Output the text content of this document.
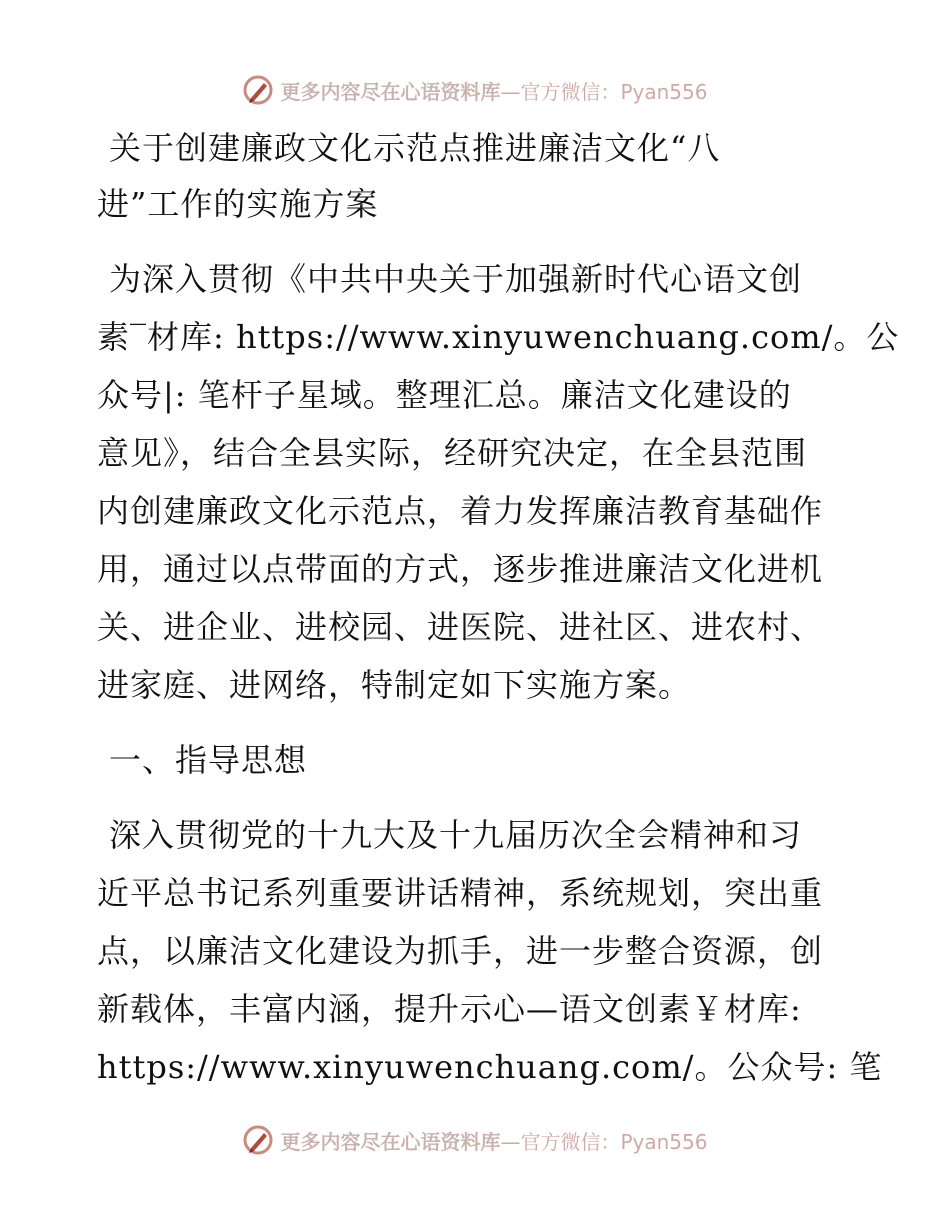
更多内容尽在心语资料库—官方微信：Pyan556
关于创建廉政文化示范点推进廉洁文化“八
进”工作的实施方案
为深入贯彻《中共中央关于加强新时代心语文创
素‾材库: https://www.xinyuwenchuang.com/。公
众号|: 笔杆子星域。整理汇总。廉洁文化建设的
意见》，结合全县实际，经研究决定，在全县范围
内创建廉政文化示范点，着力发挥廉洁教育基础作
用，通过以点带面的方式，逐步推进廉洁文化进机
关、进企业、进校园、进医院、进社区、进农村、
进家庭、进网络，特制定如下实施方案。
一、指导思想
深入贯彻党的十九大及十九届历次全会精神和习
近平总书记系列重要讲话精神，系统规划，突出重
点，以廉洁文化建设为抓手，进一步整合资源，创
新载体，丰富内涵，提升示心—语文创素￥材库:
https://www.xinyuwenchuang.com/。公众号: 笔
更多内容尽在心语资料库—官方微信：Pyan556
